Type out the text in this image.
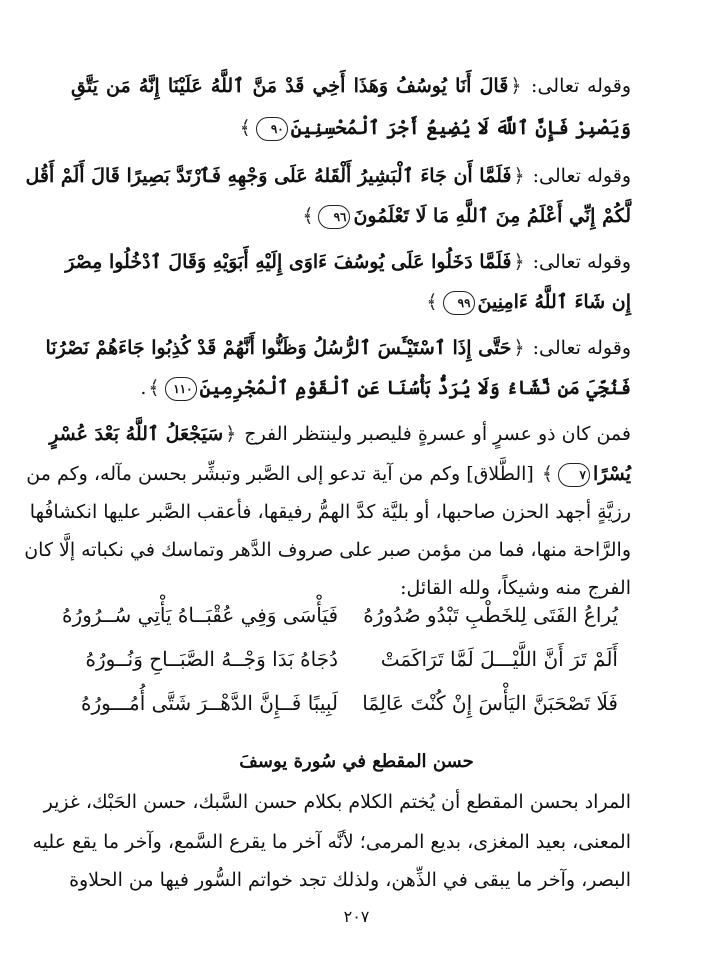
وقوله تعالى: ﴿قَالَ أَنَا يُوسُفُ وَهَذَا أَخِي قَدْ مَنَّ ٱللَّهُ عَلَيْنَا إِنَّهُ مَن يَتَّقِ
وَيَصْبِرْ فَإِنَّ ٱللَّهَ لَا يُضِيعُ أَجْرَ ٱلْمُحْسِنِينَ٩٠﴾
وقوله تعالى: ﴿فَلَمَّا أَن جَاءَ ٱلْبَشِيرُ أَلْقَلهُ عَلَى وَجْهِهِ فَٱرْتَدَّ بَصِيرًا قَالَ أَلَمْ أَقُل
لَّكُمْ إِنِّي أَعْلَمُ مِنَ ٱللَّهِ مَا لَا تَعْلَمُونَ٩٦﴾
وقوله تعالى: ﴿فَلَمَّا دَخَلُوا عَلَى يُوسُفَ ءَاوَى إِلَيْهِ أَبَوَيْهِ وَقَالَ ٱدْخُلُوا مِصْرَ
إِن شَاءَ ٱللَّهُ ءَامِنِينَ٩٩﴾
وقوله تعالى: ﴿حَتَّى إِذَا ٱسْتَيْـَٔسَ ٱلرُّسُلُ وَظَنُّوا أَنَّهُمْ قَدْ كُذِبُوا جَاءَهُمْ نَصْرُنَا
فَنُجِّيَ مَن نَّشَاءُ وَلَا يُرَدُّ بَأْسُنَا عَنِ ٱلْقَوْمِ ٱلْمُجْرِمِينَ١١٠﴾.
فمن كان ذو عسرٍ أو عسرةٍ فليصبر ولينتظر الفرج ﴿سَيَجْعَلُ ٱللَّهُ بَعْدَ عُسْرٍ
يُسْرًا٧﴾ [الطَّلاق] وكم من آية تدعو إلى الصَّبر وتبشِّر بحسن مآله، وكم من
رزيَّةٍ أجهد الحزن صاحبها، أو بليَّة كدَّ الهمُّ رفيقها، فأعقب الصَّبر عليها انكشافُها
والرَّاحة منها، فما من مؤمن صبر على صروف الدَّهر وتماسك في نكباته إلَّا كان
الفرج منه وشيكاً، ولله القائل:
يُراعُ الفَتَى لِلخَطْبِ تَبْدُو صُدُورُهُ
فَيَأْسَى وَفِي عُقْبَــاهُ يَأْتِي سُــرُورُهُ
أَلَمْ تَرَ أَنَّ اللَّيْـــلَ لَمَّا تَرَاكَمَتْ
دُجَاهُ بَدَا وَجْــهُ الصَّبَــاحِ وَنُــورُهُ
فَلَا تَصْحَبَنَّ اليَأْسَ إِنْ كُنْتَ عَالِمًا
لَبِيبًا فَــإِنَّ الدَّهْــرَ شَتَّى أُمُـــورُهُ
حسن المقطع في سُورة يوسفَ
المراد بحسن المقطع أن يُختم الكلام بكلام حسن السَّبك، حسن الحَبْك، غزير
المعنى، بعيد المغزى، بديع المرمى؛ لأنَّه آخر ما يقرع السَّمع، وآخر ما يقع عليه
البصر، وآخر ما يبقى في الذِّهن، ولذلك تجد خواتم السُّور فيها من الحلاوة
٢٠٧
